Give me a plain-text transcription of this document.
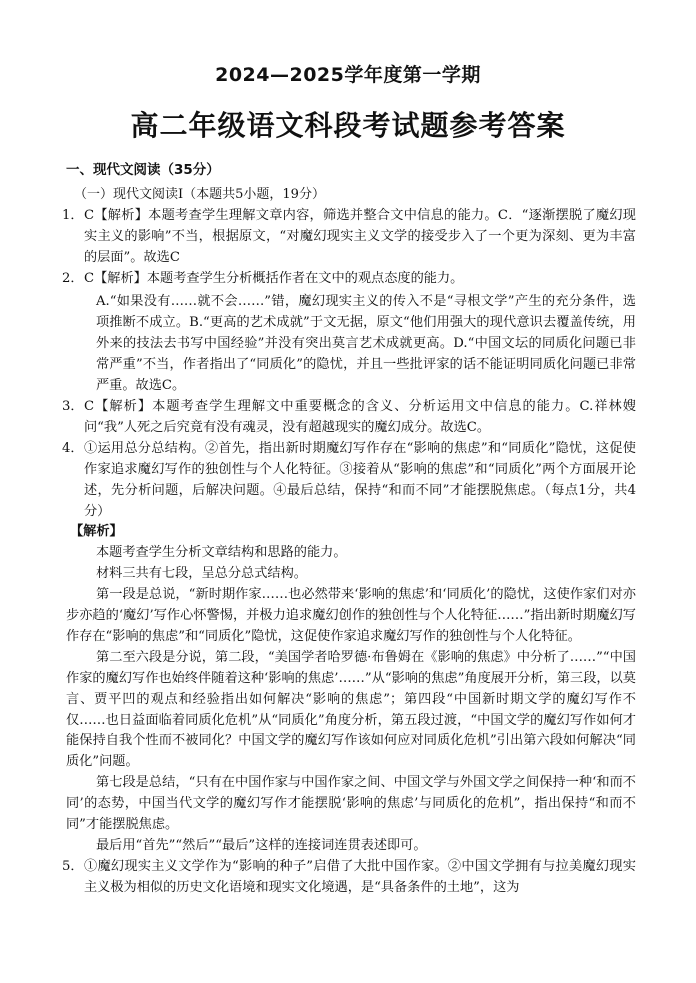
2024—2025学年度第一学期
高二年级语文科段考试题参考答案
一、现代文阅读（35分）
（一）现代文阅读Ⅰ（本题共5小题，19分）
1． C【解析】本题考查学生理解文章内容，筛选并整合文中信息的能力。C．“逐渐摆脱了魔幻现实主义的影响”不当，根据原文，“对魔幻现实主义文学的接受步入了一个更为深刻、更为丰富的层面”。故选C
2． C【解析】本题考查学生分析概括作者在文中的观点态度的能力。
A.“如果没有……就不会……”错，魔幻现实主义的传入不是“寻根文学”产生的充分条件，选项推断不成立。B.“更高的艺术成就”于文无据，原文“他们用强大的现代意识去覆盖传统，用外来的技法去书写中国经验”并没有突出莫言艺术成就更高。D.“中国文坛的同质化问题已非常严重”不当，作者指出了“同质化”的隐忧，并且一些批评家的话不能证明同质化问题已非常严重。故选C。
3． C【解析】本题考查学生理解文中重要概念的含义、分析运用文中信息的能力。C.祥林嫂问“我”人死之后究竟有没有魂灵，没有超越现实的魔幻成分。故选C。
4． ①运用总分总结构。②首先，指出新时期魔幻写作存在“影响的焦虑”和“同质化”隐忧，这促使作家追求魔幻写作的独创性与个人化特征。③接着从“影响的焦虑”和“同质化”两个方面展开论述，先分析问题，后解决问题。④最后总结，保持“和而不同”才能摆脱焦虑。（每点1分，共4分）
【解析】
本题考查学生分析文章结构和思路的能力。
材料三共有七段，呈总分总式结构。
第一段是总说，“新时期作家……也必然带来‘影响的焦虑’和‘同质化’的隐忧，这使作家们对亦步亦趋的‘魔幻’写作心怀警惕，并极力追求魔幻创作的独创性与个人化特征……”指出新时期魔幻写作存在“影响的焦虑”和“同质化”隐忧，这促使作家追求魔幻写作的独创性与个人化特征。
第二至六段是分说，第二段，“美国学者哈罗德·布鲁姆在《影响的焦虑》中分析了……”“中国作家的魔幻写作也始终伴随着这种‘影响的焦虑’……”从“影响的焦虑”角度展开分析，第三段，以莫言、贾平凹的观点和经验指出如何解决“影响的焦虑”；第四段“中国新时期文学的魔幻写作不仅……也日益面临着同质化危机”从“同质化”角度分析，第五段过渡，“中国文学的魔幻写作如何才能保持自我个性而不被同化？中国文学的魔幻写作该如何应对同质化危机”引出第六段如何解决“同质化”问题。
第七段是总结，“只有在中国作家与中国作家之间、中国文学与外国文学之间保持一种‘和而不同’的态势，中国当代文学的魔幻写作才能摆脱‘影响的焦虑’与同质化的危机”，指出保持“和而不同”才能摆脱焦虑。
最后用“首先”“然后”“最后”这样的连接词连贯表述即可。
5． ①魔幻现实主义文学作为“影响的种子”启借了大批中国作家。②中国文学拥有与拉美魔幻现实主义极为相似的历史文化语境和现实文化境遇，是“具备条件的土地”，这为
